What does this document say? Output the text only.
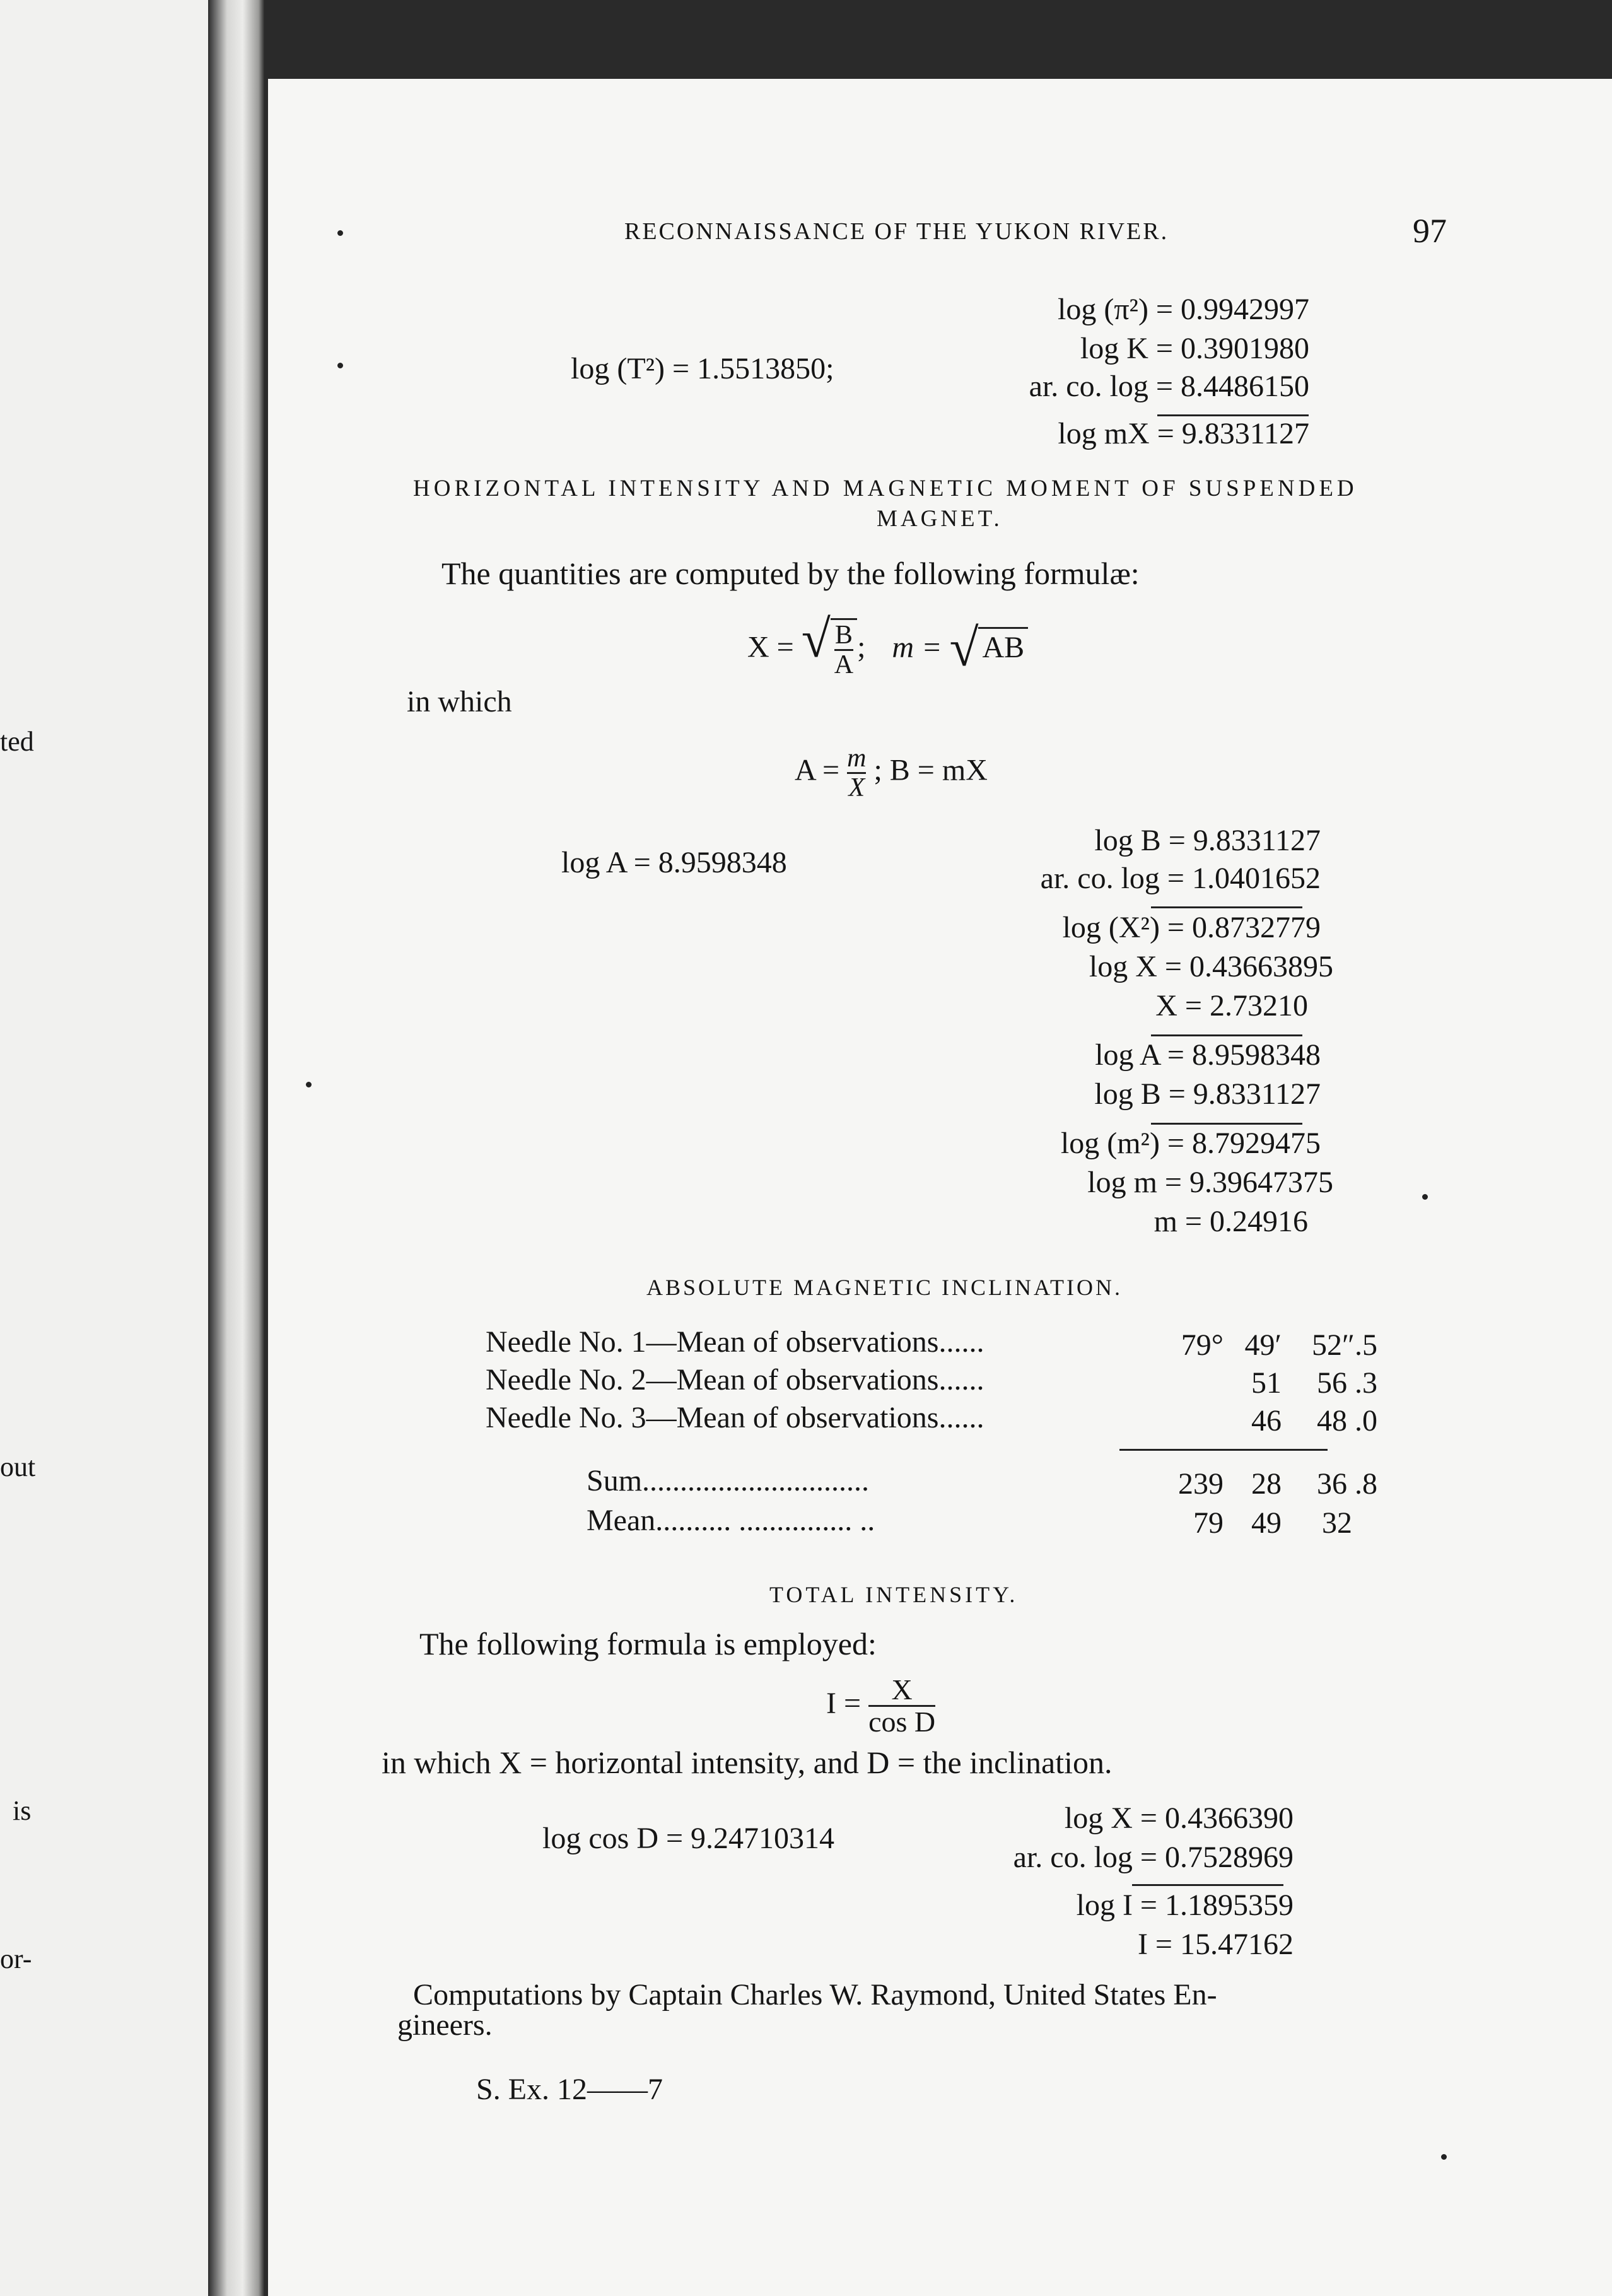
ted
out
is
or-
RECONNAISSANCE OF THE YUKON RIVER.	97
log (T²) = 1.5513850;
log (π²) = 0.9942997
log K = 0.3901980
ar. co. log = 8.4486150
log mX = 9.8331127
HORIZONTAL INTENSITY AND MAGNETIC MOMENT OF SUSPENDED
MAGNET.
The quantities are computed by the following formulæ:
X = √ $\frac{B}{A}$ ; m = √ AB
in which
$A = \frac{m}{X}$ ; B = mX
log A = 8.9598348
log B = 9.8331127
ar. co. log = 1.0401652
log (X²) = 0.8732779
log X = 0.43663895
X = 2.73210
log A = 8.9598348
log B = 9.8331127
log (m²) = 8.7929475
log m = 9.39647375
m = 0.24916
ABSOLUTE MAGNETIC INCLINATION.
Needle No. 1—Mean of observations......
Needle No. 2—Mean of observations......
Needle No. 3—Mean of observations......
79° 49′ 52″.5
51 56 .3
46 48 .0
Sum..............................
Mean.......... ............... ..
239 28 36 .8
79 49 32
TOTAL INTENSITY.
The following formula is employed:
$I = \frac{X}{\text{cos D}}$
in which X = horizontal intensity, and D = the inclination.
log cos D = 9.24710314
log X = 0.4366390
ar. co. log = 0.7528969
log I = 1.1895359
I = 15.47162
Computations by Captain Charles W. Raymond, United States En-
gineers.
S. Ex. 12——7
